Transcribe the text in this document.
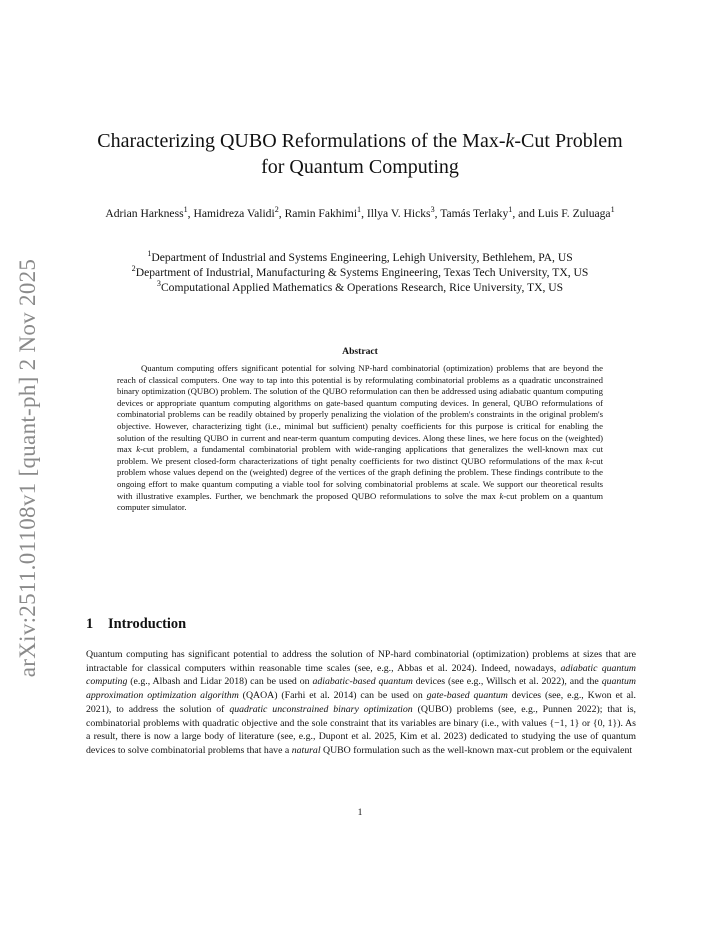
arXiv:2511.01108v1 [quant-ph] 2 Nov 2025
Characterizing QUBO Reformulations of the Max-k-Cut Problem
for Quantum Computing
Adrian Harkness$^1$, Hamidreza Validi$^2$, Ramin Fakhimi$^1$, Illya V. Hicks$^3$, Tamás Terlaky$^1$, and Luis F. Zuluaga$^1$
$^1$Department of Industrial and Systems Engineering, Lehigh University, Bethlehem, PA, US
$^2$Department of Industrial, Manufacturing & Systems Engineering, Texas Tech University, TX, US
$^3$Computational Applied Mathematics & Operations Research, Rice University, TX, US
Abstract

Quantum computing offers significant potential for solving NP-hard combinatorial (optimization) problems that are beyond the reach of classical computers. One way to tap into this potential is by reformulating combinatorial problems as a quadratic unconstrained binary optimization (QUBO) problem. The solution of the QUBO reformulation can then be addressed using adiabatic quantum computing devices or appropriate quantum computing algorithms on gate-based quantum computing devices. In general, QUBO reformulations of combinatorial problems can be readily obtained by properly penalizing the violation of the problem's constraints in the original problem's objective. However, characterizing tight (i.e., minimal but sufficient) penalty coefficients for this purpose is critical for enabling the solution of the resulting QUBO in current and near-term quantum computing devices. Along these lines, we here focus on the (weighted) max k-cut problem, a fundamental combinatorial problem with wide-ranging applications that generalizes the well-known max cut problem. We present closed-form characterizations of tight penalty coefficients for two distinct QUBO reformulations of the max k-cut problem whose values depend on the (weighted) degree of the vertices of the graph defining the problem. These findings contribute to the ongoing effort to make quantum computing a viable tool for solving combinatorial problems at scale. We support our theoretical results with illustrative examples. Further, we benchmark the proposed QUBO reformulations to solve the max k-cut problem on a quantum computer simulator.

1 Introduction

Quantum computing has significant potential to address the solution of NP-hard combinatorial (optimization) problems at sizes that are intractable for classical computers within reasonable time scales (see, e.g., Abbas et al. 2024). Indeed, nowadays, adiabatic quantum computing (e.g., Albash and Lidar 2018) can be used on adiabatic-based quantum devices (see e.g., Willsch et al. 2022), and the quantum approximation optimization algorithm (QAOA) (Farhi et al. 2014) can be used on gate-based quantum devices (see, e.g., Kwon et al. 2021), to address the solution of quadratic unconstrained binary optimization (QUBO) problems (see, e.g., Punnen 2022); that is, combinatorial problems with quadratic objective and the sole constraint that its variables are binary (i.e., with values {−1, 1} or {0, 1}). As a result, there is now a large body of literature (see, e.g., Dupont et al. 2025, Kim et al. 2023) dedicated to studying the use of quantum devices to solve combinatorial problems that have a natural QUBO formulation such as the well-known max-cut problem or the equivalent

1
